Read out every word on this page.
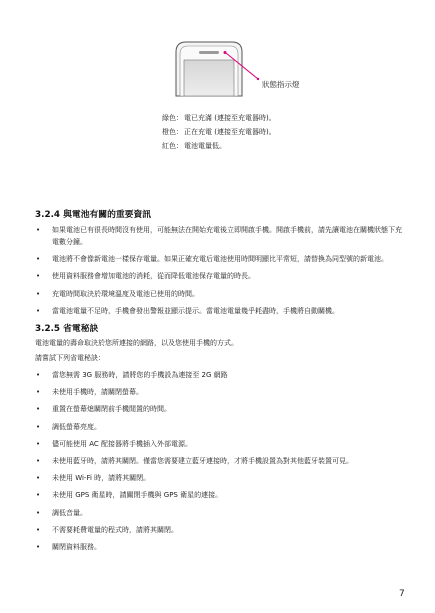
狀態指示燈
綠色： 電已充滿 (連接至充電器時)。
橙色： 正在充電 (連接至充電器時)。
紅色： 電池電量低。
3.2.4 與電池有關的重要資訊
• 如果電池已有很長時間沒有使用，可能無法在開始充電後立即開啟手機。開啟手機前，請先讓電池在關機狀態下充電數分鐘。
• 電池將不會像新電池一樣保存電量。如果正確充電后電池使用時間明顯比平常短，請替換為同型號的新電池。
• 使用資料服務會增加電池的消耗，從而降低電池保存電量的時長。
• 充電時間取決於環境溫度及電池已使用的時間。
• 當電池電量不足時，手機會發出警報並顯示提示。當電池電量幾乎耗盡時，手機將自動關機。
3.2.5 省電秘訣
電池電量的壽命取決於您所連接的網路，以及您使用手機的方式。
請嘗試下列省電秘訣：
• 當您無需 3G 服務時，請將您的手機設為連接至 2G 網路
• 未使用手機時，請關閉螢幕。
• 重置在螢幕熄關閉前手機閒置的時間。
• 調低螢幕亮度。
• 儘可能使用 AC 配接器將手機插入外部電源。
• 未使用藍牙時，請將其關閉。僅當您需要建立藍牙連接時，才將手機設置為對其他藍牙裝置可見。
• 未使用 Wi-Fi 時，請將其關閉。
• 未使用 GPS 衛星時，請關閉手機與 GPS 衛星的連接。
• 調低音量。
• 不需要耗費電量的程式時，請將其關閉。
• 關閉資料服務。
7
